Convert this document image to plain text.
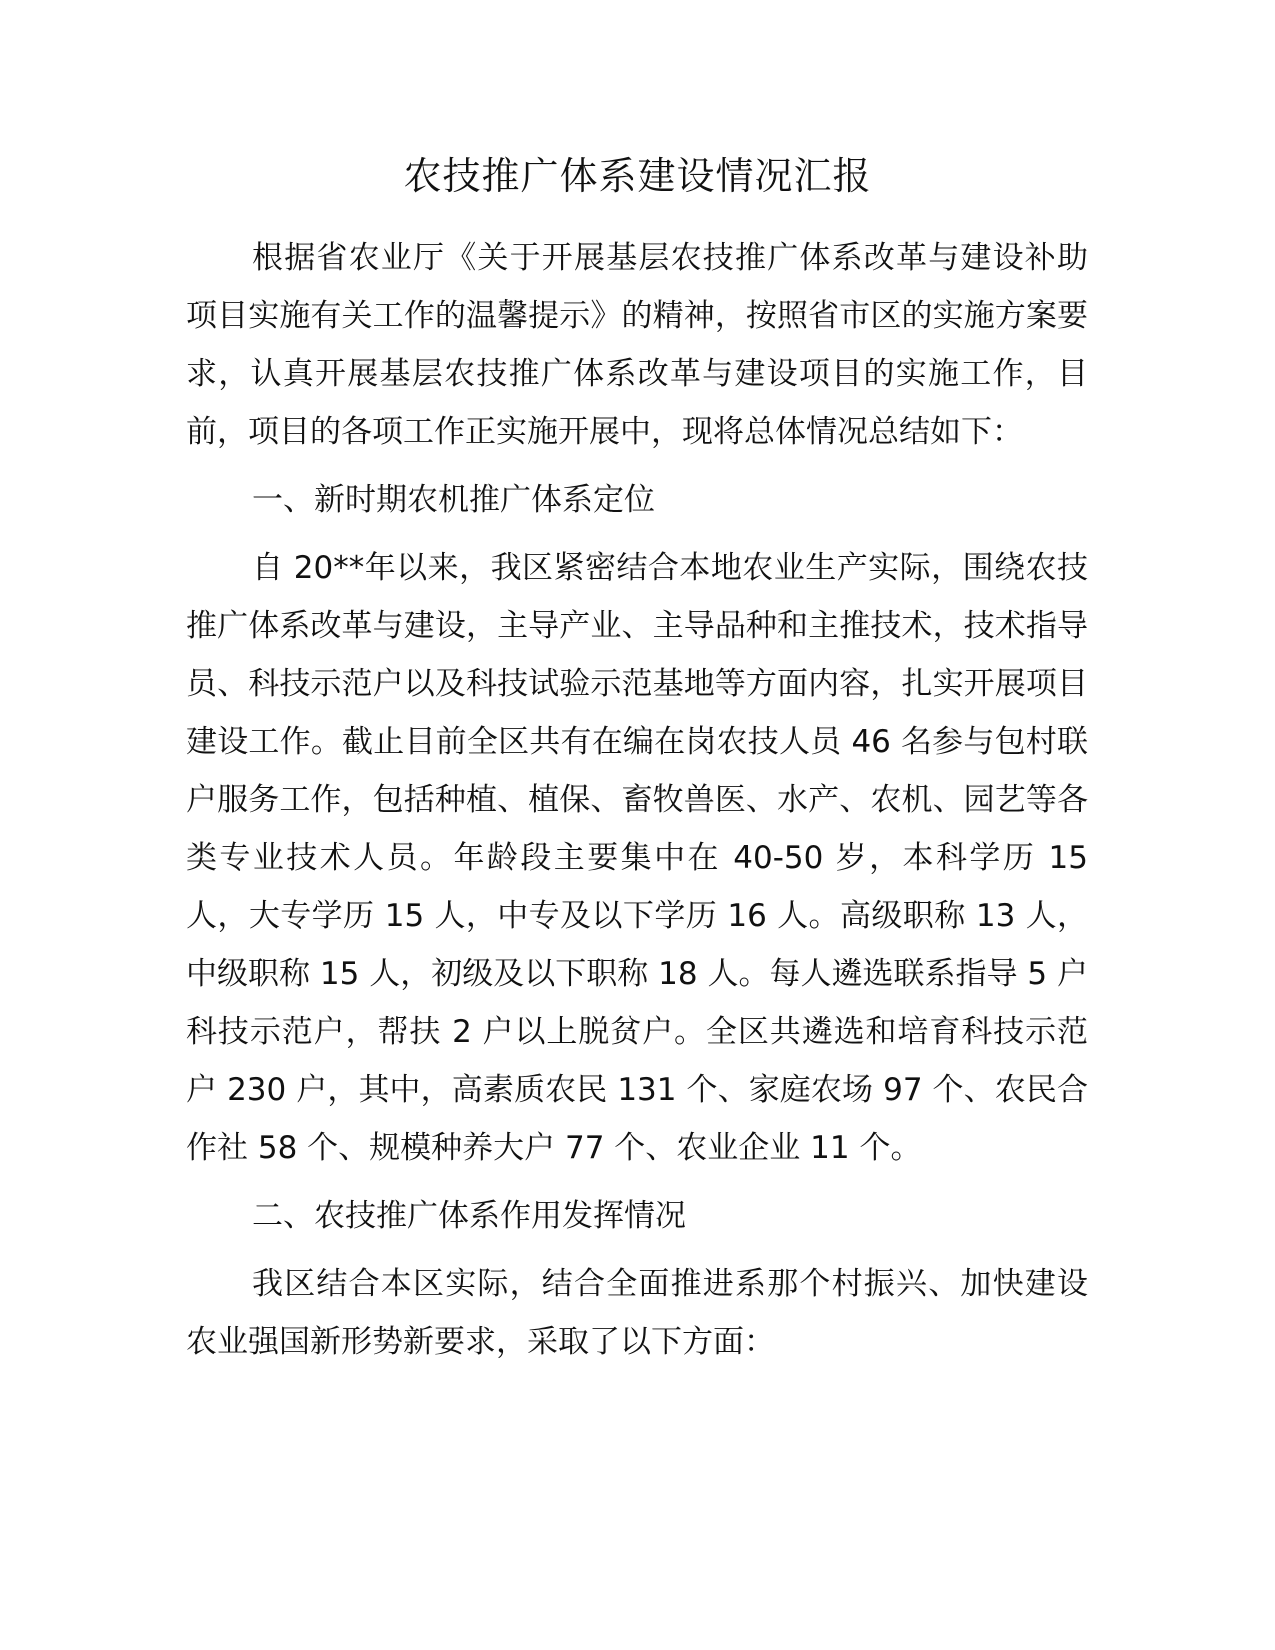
农技推广体系建设情况汇报

根据省农业厅《关于开展基层农技推广体系改革与建设补助项目实施有关工作的温馨提示》的精神，按照省市区的实施方案要求，认真开展基层农技推广体系改革与建设项目的实施工作，目前，项目的各项工作正实施开展中，现将总体情况总结如下：

一、新时期农机推广体系定位

自 20**年以来，我区紧密结合本地农业生产实际，围绕农技推广体系改革与建设，主导产业、主导品种和主推技术，技术指导员、科技示范户以及科技试验示范基地等方面内容，扎实开展项目建设工作。截止目前全区共有在编在岗农技人员 46 名参与包村联户服务工作，包括种植、植保、畜牧兽医、水产、农机、园艺等各类专业技术人员。年龄段主要集中在 40-50 岁，本科学历 15 人，大专学历 15 人，中专及以下学历 16 人。高级职称 13 人，中级职称 15 人，初级及以下职称 18 人。每人遴选联系指导 5 户科技示范户，帮扶 2 户以上脱贫户。全区共遴选和培育科技示范户 230 户，其中，高素质农民 131 个、家庭农场 97 个、农民合作社 58 个、规模种养大户 77 个、农业企业 11 个。

二、农技推广体系作用发挥情况

我区结合本区实际，结合全面推进系那个村振兴、加快建设农业强国新形势新要求，采取了以下方面：
